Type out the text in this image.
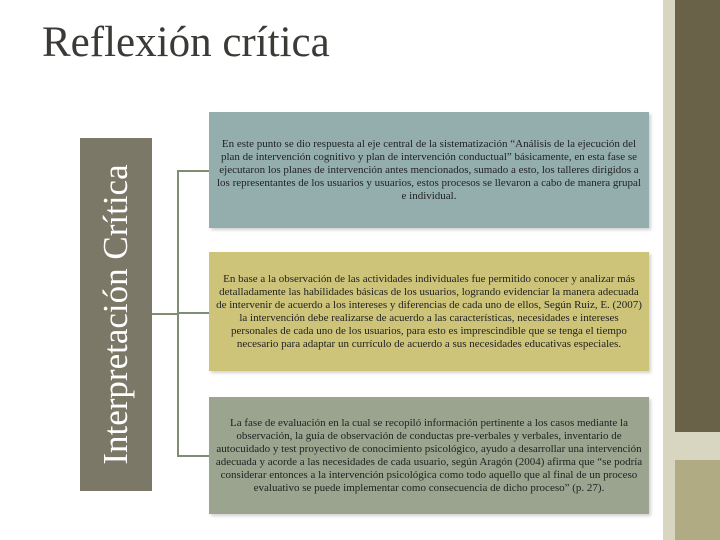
Reflexión crítica
Interpretación Crítica
En este punto se dio respuesta al eje central de la sistematización “Análisis de la ejecución del plan de intervención cognitivo y plan de intervención conductual” básicamente, en esta fase se ejecutaron los planes de intervención antes mencionados, sumado a esto, los talleres dirigidos a los representantes de los usuarios y usuarios, estos procesos se llevaron a cabo de manera grupal e individual.
En base a la observación de las actividades individuales fue permitido conocer y analizar más detalladamente las habilidades básicas de los usuarios, logrando evidenciar la manera adecuada de intervenir de acuerdo a los intereses y diferencias de cada uno de ellos, Según Ruiz, E. (2007) la intervención debe realizarse de acuerdo a las características, necesidades e intereses personales de cada uno de los usuarios, para esto es imprescindible que se tenga el tiempo necesario para adaptar un currículo de acuerdo a sus necesidades educativas especiales.
La fase de evaluación en la cual se recopiló información pertinente a los casos mediante la observación, la guía de observación de conductas pre-verbales y verbales, inventario de autocuidado y test proyectivo de conocimiento psicológico, ayudo a desarrollar una intervención adecuada y acorde a las necesidades de cada usuario, según Aragón (2004) afirma que “se podría considerar entonces a la intervención psicológica como todo aquello que al final de un proceso evaluativo se puede implementar como consecuencia de dicho proceso” (p. 27).
